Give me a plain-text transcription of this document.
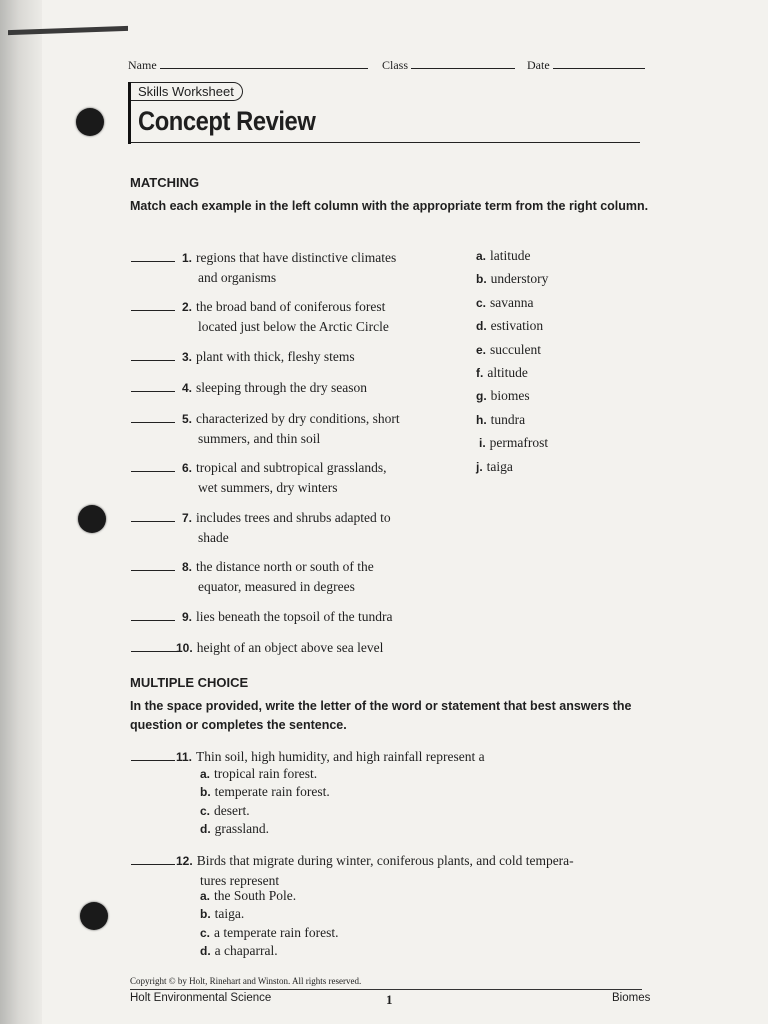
Name	Class	Date
Skills Worksheet
Concept Review
MATCHING
Match each example in the left column with the appropriate term from the right column.
1. regions that have distinctive climates
and organisms
2. the broad band of coniferous forest
located just below the Arctic Circle
3. plant with thick, fleshy stems
4. sleeping through the dry season
5. characterized by dry conditions, short
summers, and thin soil
6. tropical and subtropical grasslands,
wet summers, dry winters
7. includes trees and shrubs adapted to
shade
8. the distance north or south of the
equator, measured in degrees
9. lies beneath the topsoil of the tundra
10. height of an object above sea level
a. latitude
b. understory
c. savanna
d. estivation
e. succulent
f. altitude
g. biomes
h. tundra
i. permafrost
j. taiga
MULTIPLE CHOICE
In the space provided, write the letter of the word or statement that best answers the question or completes the sentence.
11. Thin soil, high humidity, and high rainfall represent a
a. tropical rain forest.
b. temperate rain forest.
c. desert.
d. grassland.
12. Birds that migrate during winter, coniferous plants, and cold tempera-
tures represent
a. the South Pole.
b. taiga.
c. a temperate rain forest.
d. a chaparral.
Copyright © by Holt, Rinehart and Winston. All rights reserved.
Holt Environmental Science	1	Biomes
